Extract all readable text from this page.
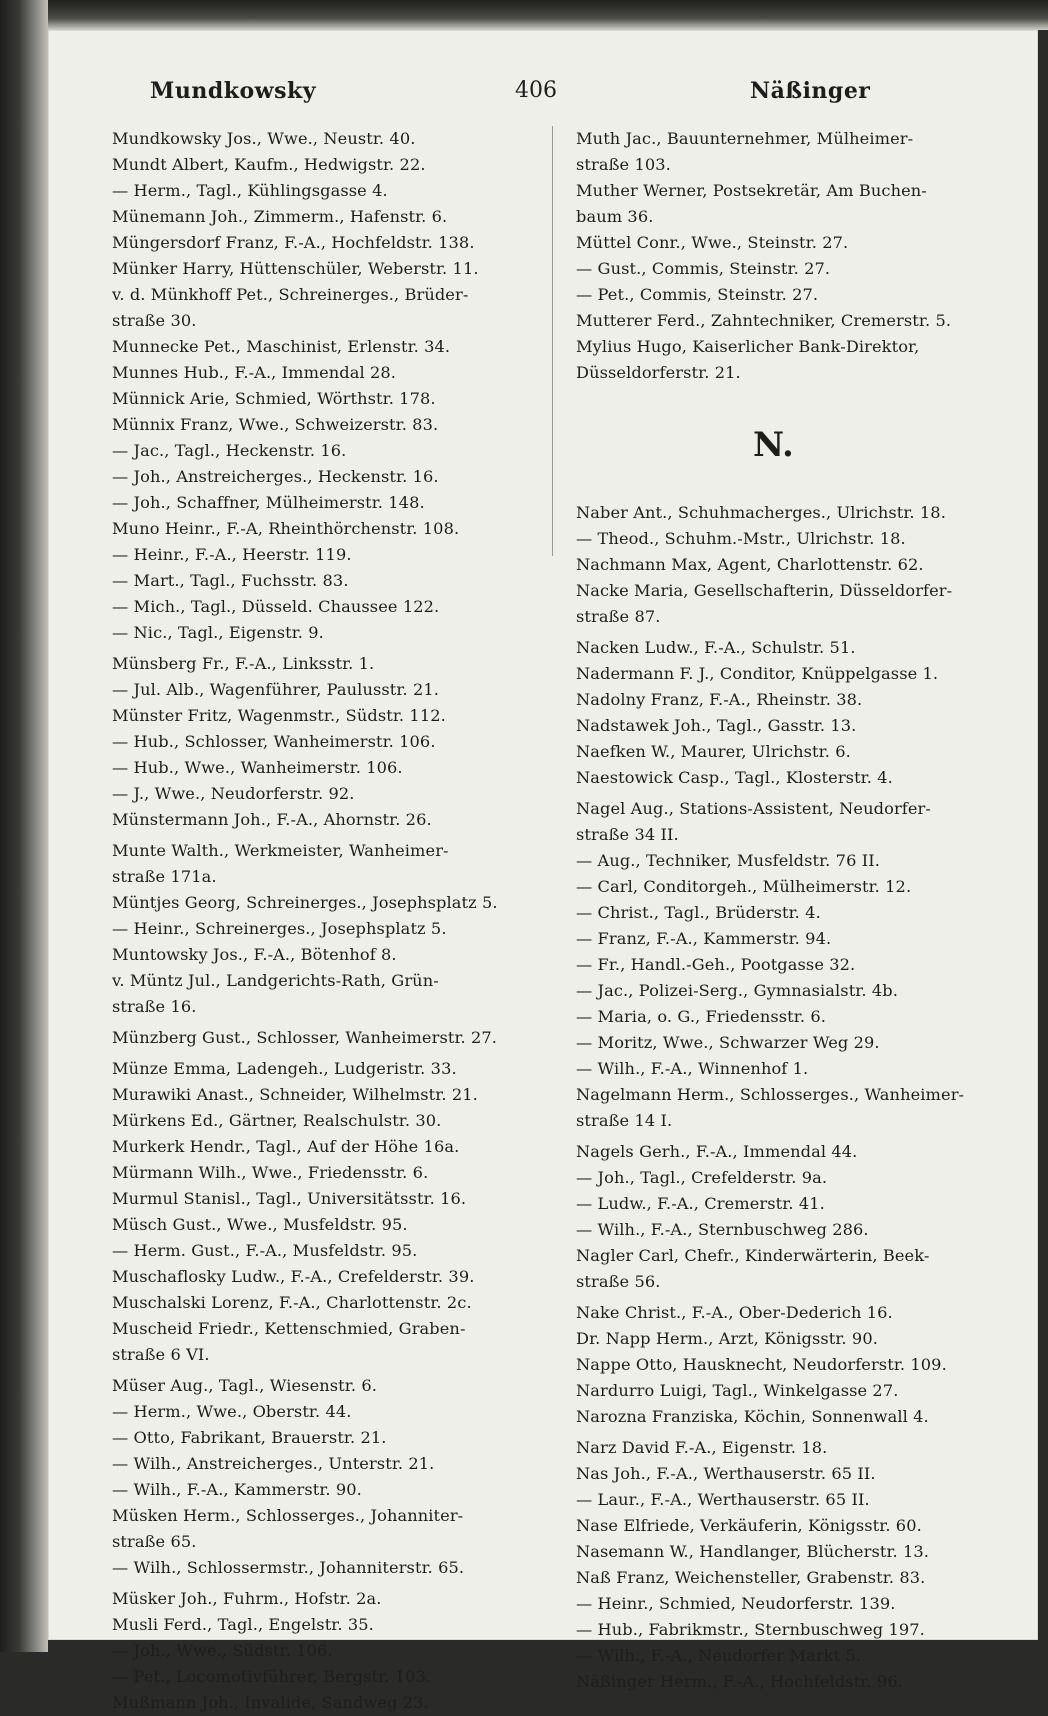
Mundkowsky	406	Näßinger

Mundkowsky Jos., Wwe., Neustr. 40.

Mundt Albert, Kaufm., Hedwigstr. 22.

— Herm., Tagl., Kühlingsgasse 4.

Münemann Joh., Zimmerm., Hafenstr. 6.

Müngersdorf Franz, F.-A., Hochfeldstr. 138.

Münker Harry, Hüttenschüler, Weberstr. 11.

v. d. Münkhoff Pet., Schreinerges., Brüder-

straße 30.

Munnecke Pet., Maschinist, Erlenstr. 34.

Munnes Hub., F.-A., Immendal 28.

Münnick Arie, Schmied, Wörthstr. 178.

Münnix Franz, Wwe., Schweizerstr. 83.

— Jac., Tagl., Heckenstr. 16.

— Joh., Anstreicherges., Heckenstr. 16.

— Joh., Schaffner, Mülheimerstr. 148.

Muno Heinr., F.-A, Rheinthörchenstr. 108.

— Heinr., F.-A., Heerstr. 119.

— Mart., Tagl., Fuchsstr. 83.

— Mich., Tagl., Düsseld. Chaussee 122.

— Nic., Tagl., Eigenstr. 9.

Münsberg Fr., F.-A., Linksstr. 1.

— Jul. Alb., Wagenführer, Paulusstr. 21.

Münster Fritz, Wagenmstr., Südstr. 112.

— Hub., Schlosser, Wanheimerstr. 106.

— Hub., Wwe., Wanheimerstr. 106.

— J., Wwe., Neudorferstr. 92.

Münstermann Joh., F.-A., Ahornstr. 26.

Munte Walth., Werkmeister, Wanheimer-

straße 171a.

Müntjes Georg, Schreinerges., Josephsplatz 5.

— Heinr., Schreinerges., Josephsplatz 5.

Muntowsky Jos., F.-A., Bötenhof 8.

v. Müntz Jul., Landgerichts-Rath, Grün-

straße 16.

Münzberg Gust., Schlosser, Wanheimerstr. 27.

Münze Emma, Ladengeh., Ludgeristr. 33.

Murawiki Anast., Schneider, Wilhelmstr. 21.

Mürkens Ed., Gärtner, Realschulstr. 30.

Murkerk Hendr., Tagl., Auf der Höhe 16a.

Mürmann Wilh., Wwe., Friedensstr. 6.

Murmul Stanisl., Tagl., Universitätsstr. 16.

Müsch Gust., Wwe., Musfeldstr. 95.

— Herm. Gust., F.-A., Musfeldstr. 95.

Muschaflosky Ludw., F.-A., Crefelderstr. 39.

Muschalski Lorenz, F.-A., Charlottenstr. 2c.

Muscheid Friedr., Kettenschmied, Graben-

straße 6 VI.

Müser Aug., Tagl., Wiesenstr. 6.

— Herm., Wwe., Oberstr. 44.

— Otto, Fabrikant, Brauerstr. 21.

— Wilh., Anstreicherges., Unterstr. 21.

— Wilh., F.-A., Kammerstr. 90.

Müsken Herm., Schlosserges., Johanniter-

straße 65.

— Wilh., Schlossermstr., Johanniterstr. 65.

Müsker Joh., Fuhrm., Hofstr. 2a.

Musli Ferd., Tagl., Engelstr. 35.

— Joh., Wwe., Südstr. 106.

— Pet., Locomotivführer, Bergstr. 103.

Mußmann Joh., Invalide, Sandweg 23.

Muth Jac., Bauunternehmer, Mülheimer-

straße 103.

Muther Werner, Postsekretär, Am Buchen-

baum 36.

Müttel Conr., Wwe., Steinstr. 27.

— Gust., Commis, Steinstr. 27.

— Pet., Commis, Steinstr. 27.

Mutterer Ferd., Zahntechniker, Cremerstr. 5.

Mylius Hugo, Kaiserlicher Bank-Direktor,

Düsseldorferstr. 21.

N.

Naber Ant., Schuhmacherges., Ulrichstr. 18.

— Theod., Schuhm.-Mstr., Ulrichstr. 18.

Nachmann Max, Agent, Charlottenstr. 62.

Nacke Maria, Gesellschafterin, Düsseldorfer-

straße 87.

Nacken Ludw., F.-A., Schulstr. 51.

Nadermann F. J., Conditor, Knüppelgasse 1.

Nadolny Franz, F.-A., Rheinstr. 38.

Nadstawek Joh., Tagl., Gasstr. 13.

Naefken W., Maurer, Ulrichstr. 6.

Naestowick Casp., Tagl., Klosterstr. 4.

Nagel Aug., Stations-Assistent, Neudorfer-

straße 34 II.

— Aug., Techniker, Musfeldstr. 76 II.

— Carl, Conditorgeh., Mülheimerstr. 12.

— Christ., Tagl., Brüderstr. 4.

— Franz, F.-A., Kammerstr. 94.

— Fr., Handl.-Geh., Pootgasse 32.

— Jac., Polizei-Serg., Gymnasialstr. 4b.

— Maria, o. G., Friedensstr. 6.

— Moritz, Wwe., Schwarzer Weg 29.

— Wilh., F.-A., Winnenhof 1.

Nagelmann Herm., Schlosserges., Wanheimer-

straße 14 I.

Nagels Gerh., F.-A., Immendal 44.

— Joh., Tagl., Crefelderstr. 9a.

— Ludw., F.-A., Cremerstr. 41.

— Wilh., F.-A., Sternbuschweg 286.

Nagler Carl, Chefr., Kinderwärterin, Beek-

straße 56.

Nake Christ., F.-A., Ober-Dederich 16.

Dr. Napp Herm., Arzt, Königsstr. 90.

Nappe Otto, Hausknecht, Neudorferstr. 109.

Nardurro Luigi, Tagl., Winkelgasse 27.

Narozna Franziska, Köchin, Sonnenwall 4.

Narz David F.-A., Eigenstr. 18.

Nas Joh., F.-A., Werthauserstr. 65 II.

— Laur., F.-A., Werthauserstr. 65 II.

Nase Elfriede, Verkäuferin, Königsstr. 60.

Nasemann W., Handlanger, Blücherstr. 13.

Naß Franz, Weichensteller, Grabenstr. 83.

— Heinr., Schmied, Neudorferstr. 139.

— Hub., Fabrikmstr., Sternbuschweg 197.

— Wilh., F.-A., Neudorfer Markt 5.

Näßinger Herm., F.-A., Hochfeldstr. 96.
